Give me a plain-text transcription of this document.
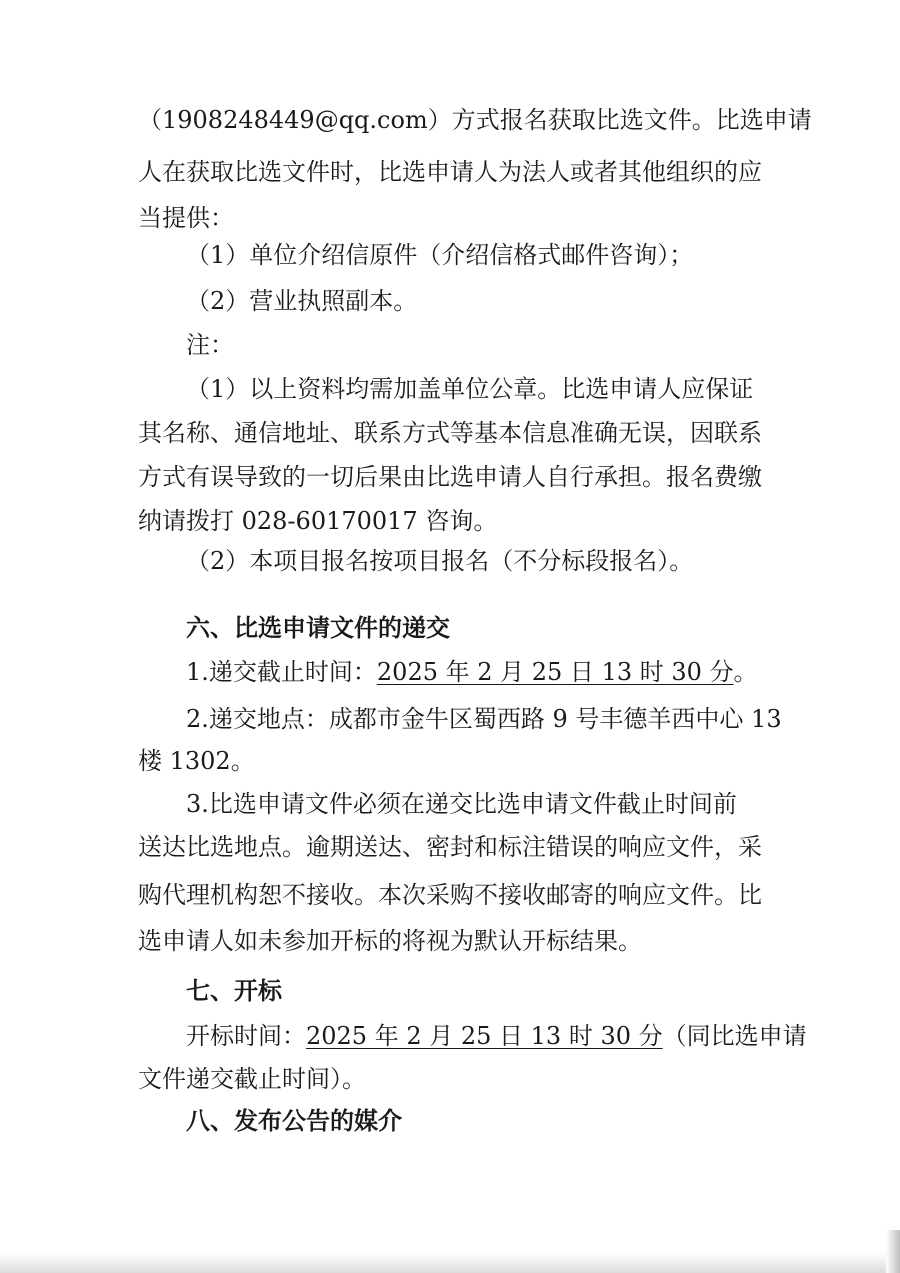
（1908248449@qq.com）方式报名获取比选文件。比选申请
人在获取比选文件时，比选申请人为法人或者其他组织的应
当提供：
（1）单位介绍信原件（介绍信格式邮件咨询）；
（2）营业执照副本。
注：
（1）以上资料均需加盖单位公章。比选申请人应保证
其名称、通信地址、联系方式等基本信息准确无误，因联系
方式有误导致的一切后果由比选申请人自行承担。报名费缴
纳请拨打 028-60170017 咨询。
（2）本项目报名按项目报名（不分标段报名）。
六、比选申请文件的递交
1.递交截止时间：2025 年 2 月 25 日 13 时 30 分。
2.递交地点：成都市金牛区蜀西路 9 号丰德羊西中心 13
楼 1302。
3.比选申请文件必须在递交比选申请文件截止时间前
送达比选地点。逾期送达、密封和标注错误的响应文件，采
购代理机构恕不接收。本次采购不接收邮寄的响应文件。比
选申请人如未参加开标的将视为默认开标结果。
七、开标
开标时间：2025 年 2 月 25 日 13 时 30 分（同比选申请
文件递交截止时间）。
八、发布公告的媒介
